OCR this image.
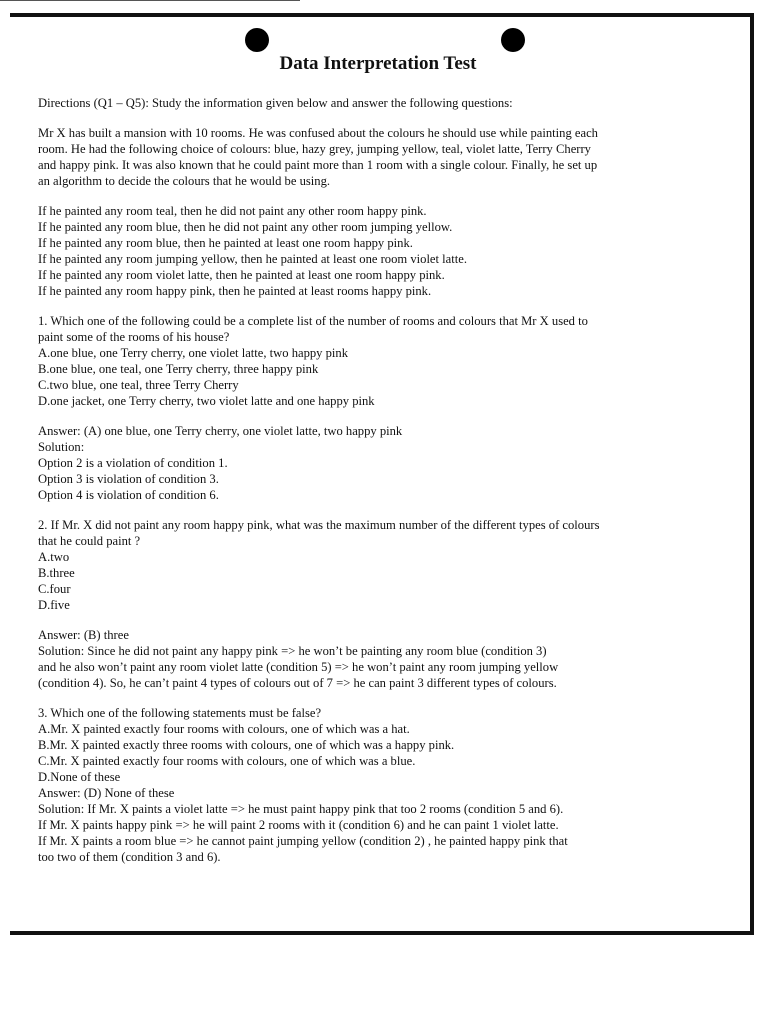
Data Interpretation Test
Directions (Q1 – Q5): Study the information given below and answer the following questions:
Mr X has built a mansion with 10 rooms. He was confused about the colours he should use while painting each
room. He had the following choice of colours: blue, hazy grey, jumping yellow, teal, violet latte, Terry Cherry
and happy pink. It was also known that he could paint more than 1 room with a single colour. Finally, he set up
an algorithm to decide the colours that he would be using.
If he painted any room teal, then he did not paint any other room happy pink.
If he painted any room blue, then he did not paint any other room jumping yellow.
If he painted any room blue, then he painted at least one room happy pink.
If he painted any room jumping yellow, then he painted at least one room violet latte.
If he painted any room violet latte, then he painted at least one room happy pink.
If he painted any room happy pink, then he painted at least rooms happy pink.
1. Which one of the following could be a complete list of the number of rooms and colours that Mr X used to
paint some of the rooms of his house?
A.one blue, one Terry cherry, one violet latte, two happy pink
B.one blue, one teal, one Terry cherry, three happy pink
C.two blue, one teal, three Terry Cherry
D.one jacket, one Terry cherry, two violet latte and one happy pink
Answer: (A) one blue, one Terry cherry, one violet latte, two happy pink
Solution:
Option 2 is a violation of condition 1.
Option 3 is violation of condition 3.
Option 4 is violation of condition 6.
2. If Mr. X did not paint any room happy pink, what was the maximum number of the different types of colours
that he could paint ?
A.two
B.three
C.four
D.five
Answer: (B) three
Solution: Since he did not paint any happy pink => he won’t be painting any room blue (condition 3)
and he also won’t paint any room violet latte (condition 5) => he won’t paint any room jumping yellow
(condition 4). So, he can’t paint 4 types of colours out of 7 => he can paint 3 different types of colours.
3. Which one of the following statements must be false?
A.Mr. X painted exactly four rooms with colours, one of which was a hat.
B.Mr. X painted exactly three rooms with colours, one of which was a happy pink.
C.Mr. X painted exactly four rooms with colours, one of which was a blue.
D.None of these
Answer: (D) None of these
Solution: If Mr. X paints a violet latte => he must paint happy pink that too 2 rooms (condition 5 and 6).
If Mr. X paints happy pink => he will paint 2 rooms with it (condition 6) and he can paint 1 violet latte.
If Mr. X paints a room blue => he cannot paint jumping yellow (condition 2) , he painted happy pink that
too two of them (condition 3 and 6).
